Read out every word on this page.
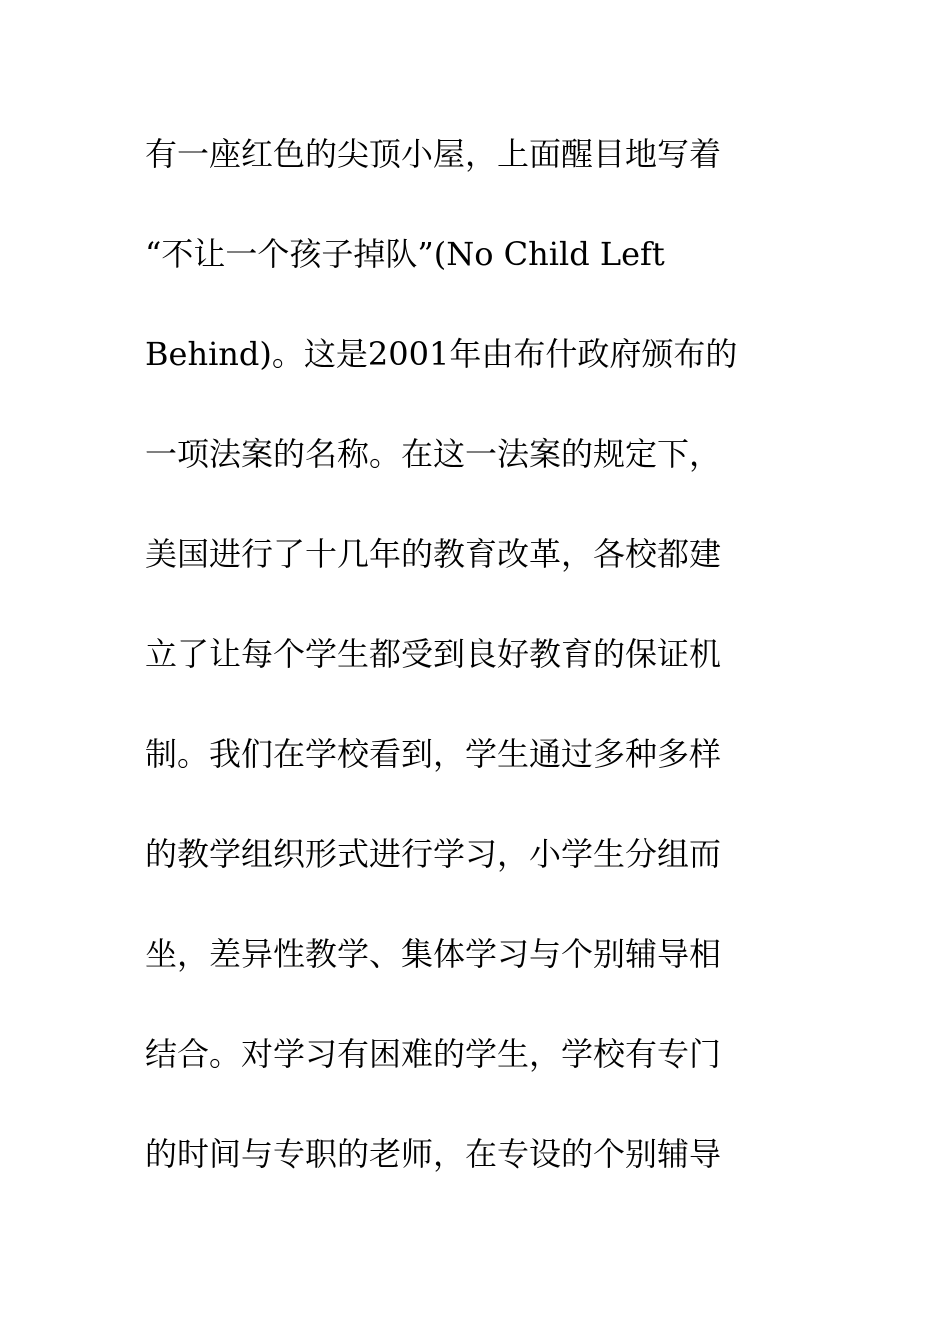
有一座红色的尖顶小屋，上面醒目地写着
“不让一个孩子掉队”(No Child Left
Behind)。这是2001年由布什政府颁布的
一项法案的名称。在这一法案的规定下，
美国进行了十几年的教育改革，各校都建
立了让每个学生都受到良好教育的保证机
制。我们在学校看到，学生通过多种多样
的教学组织形式进行学习，小学生分组而
坐，差异性教学、集体学习与个别辅导相
结合。对学习有困难的学生，学校有专门
的时间与专职的老师，在专设的个别辅导
